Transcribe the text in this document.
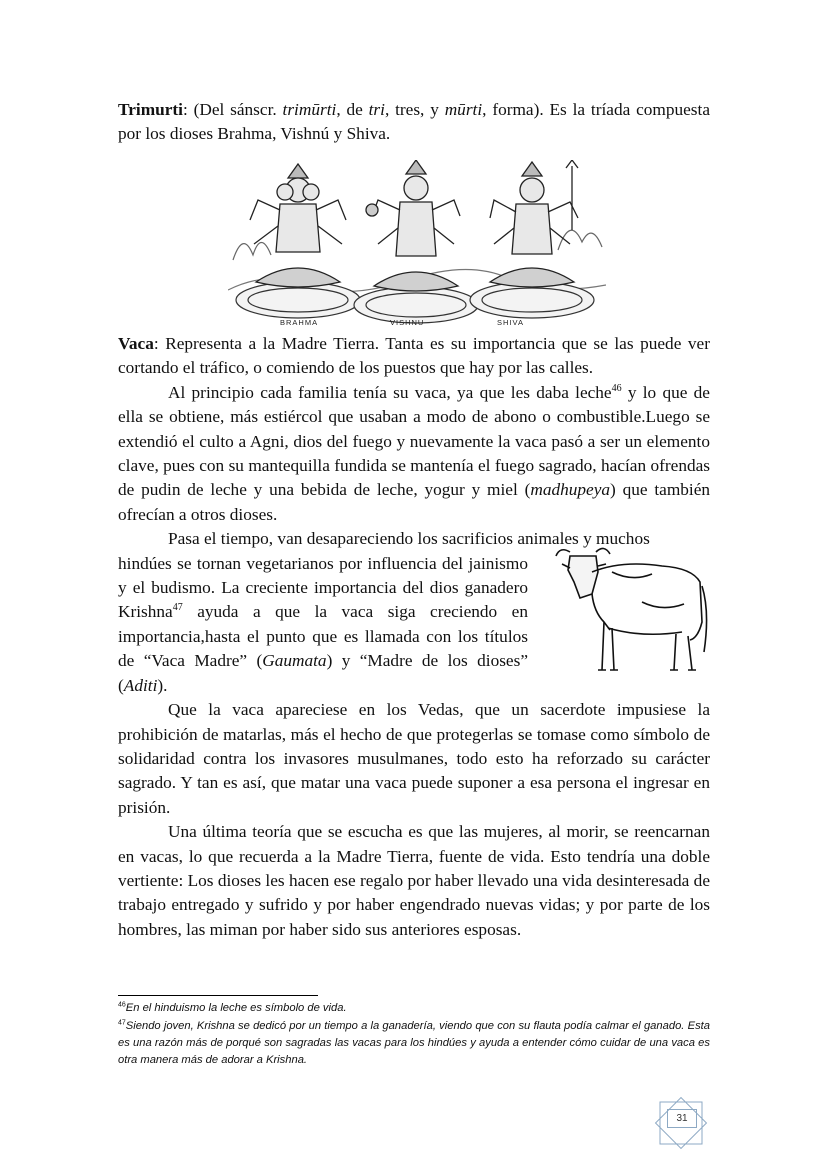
Trimurti: (Del sánscr. trimūrti, de tri, tres, y mūrti, forma). Es la tríada compuesta por los dioses Brahma, Vishnú y Shiva.

BRAHMA	VISHNU	SHIVA

Vaca: Representa a la Madre Tierra. Tanta es su importancia que se las puede ver cortando el tráfico, o comiendo de los puestos que hay por las calles.

Al principio cada familia tenía su vaca, ya que les daba leche$^{46}$ y lo que de ella se obtiene, más estiércol que usaban a modo de abono o combustible.Luego se extendió el culto a Agni, dios del fuego y nuevamente la vaca pasó a ser un elemento clave, pues con su mantequilla fundida se mantenía el fuego sagrado, hacían ofrendas de pudin de leche y una bebida de leche, yogur y miel (madhupeya) que también ofrecían a otros dioses.

Pasa el tiempo, van desapareciendo los sacrificios animales y muchos

hindúes se tornan vegetarianos por influencia del jainismo y el budismo. La creciente importancia del dios ganadero Krishna$^{47}$ ayuda a que la vaca siga creciendo en importancia,hasta el punto que es llamada con los títulos de “Vaca Madre” (Gaumata) y “Madre de los dioses” (Aditi).

Que la vaca apareciese en los Vedas, que un sacerdote impusiese la prohibición de matarlas, más el hecho de que protegerlas se tomase como símbolo de solidaridad contra los invasores musulmanes, todo esto ha reforzado su carácter sagrado. Y tan es así, que matar una vaca puede suponer a esa persona el ingresar en prisión.

Una última teoría que se escucha es que las mujeres, al morir, se reencarnan en vacas, lo que recuerda a la Madre Tierra, fuente de vida. Esto tendría una doble vertiente: Los dioses les hacen ese regalo por haber llevado una vida desinteresada de trabajo entregado y sufrido y por haber engendrado nuevas vidas; y por parte de los hombres, las miman por haber sido sus anteriores esposas.

$^{46}$En el hinduismo la leche es símbolo de vida.
$^{47}$Siendo joven, Krishna se dedicó por un tiempo a la ganadería, viendo que con su flauta podía calmar el ganado. Esta es una razón más de porqué son sagradas las vacas para los hindúes y ayuda a entender cómo cuidar de una vaca es otra manera más de adorar a Krishna.
31
